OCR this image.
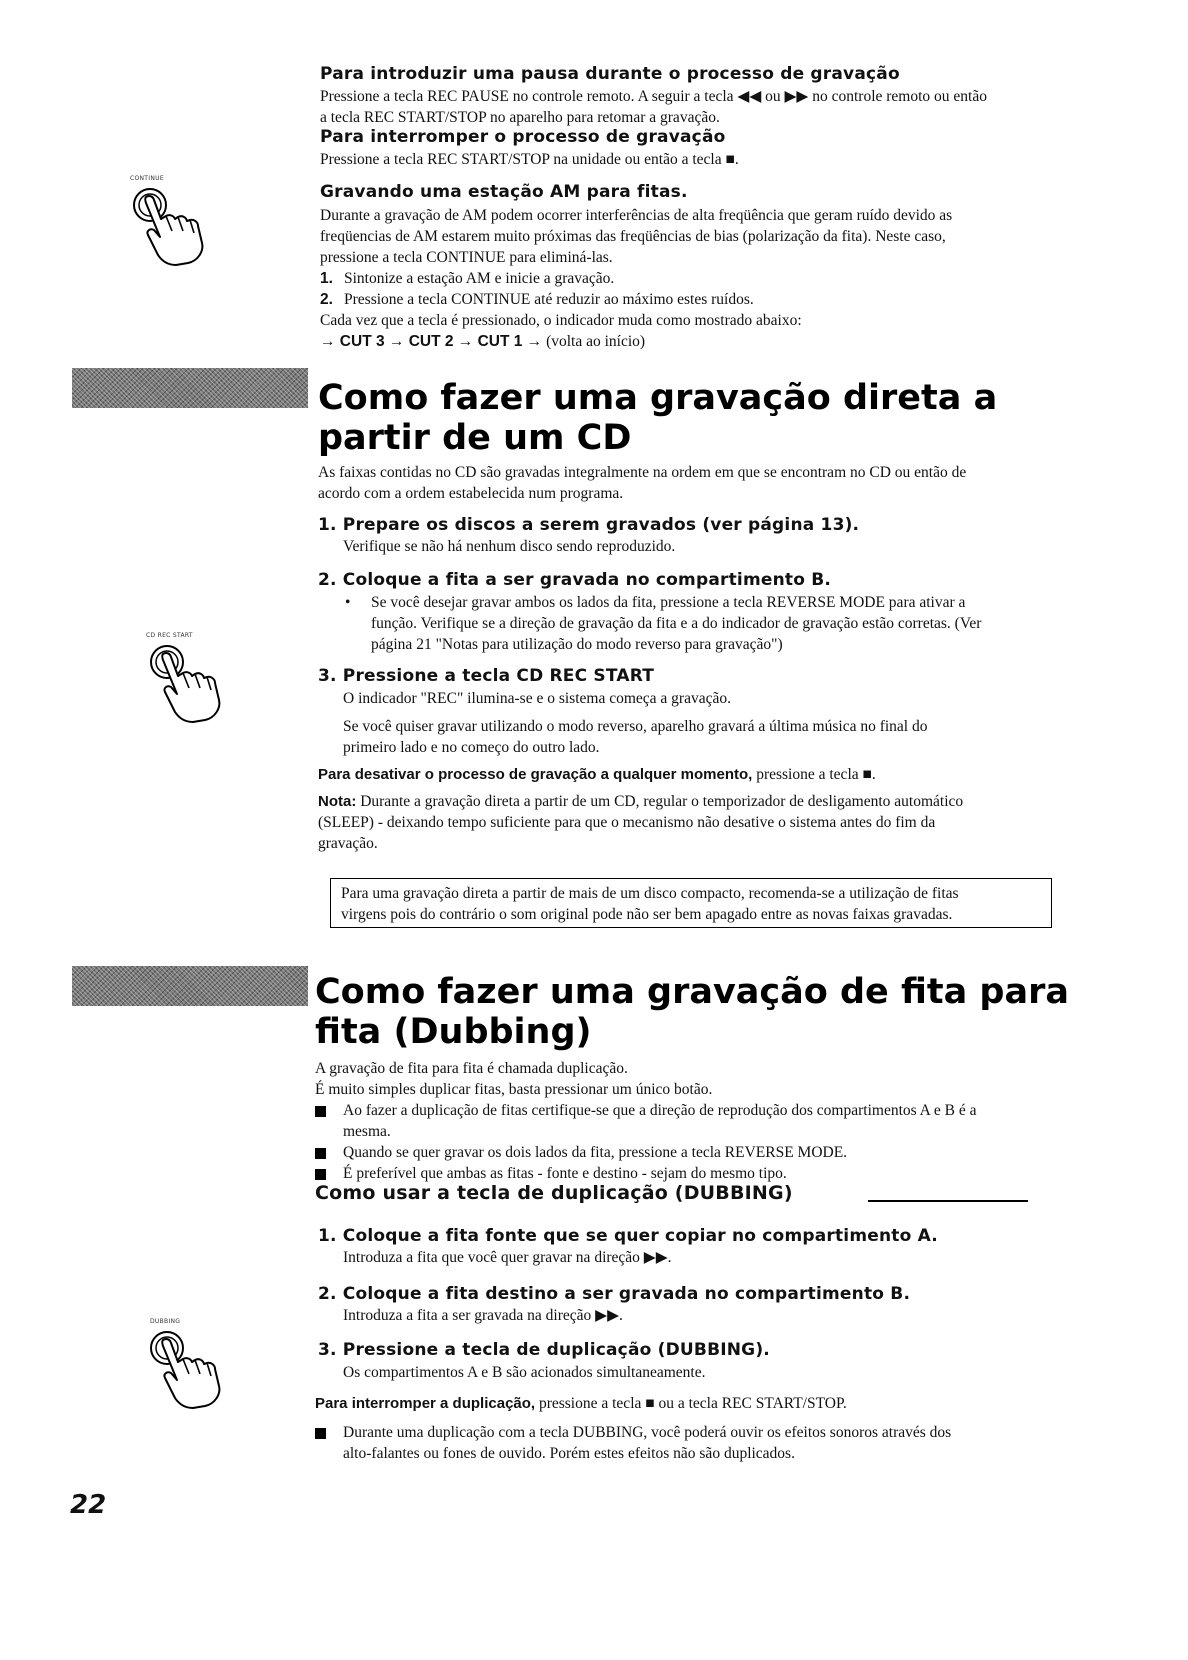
Para introduzir uma pausa durante o processo de gravação

Pressione a tecla REC PAUSE no controle remoto. A seguir a tecla ◀◀ ou ▶▶ no controle remoto ou então

a tecla REC START/STOP no aparelho para retomar a gravação.

Para interromper o processo de gravação
Pressione a tecla REC START/STOP na unidade ou então a tecla ■.
CONTINUE
Gravando uma estação AM para fitas.

Durante a gravação de AM podem ocorrer interferências de alta freqüência que geram ruído devido as

freqüencias de AM estarem muito próximas das freqüências de bias (polarização da fita). Neste caso,

pressione a tecla CONTINUE para eliminá-las.

1. Sintonize a estação AM e inicie a gravação.

2. Pressione a tecla CONTINUE até reduzir ao máximo estes ruídos.

Cada vez que a tecla é pressionado, o indicador muda como mostrado abaixo:

→ CUT 3 → CUT 2 → CUT 1 → (volta ao início)

Como fazer uma gravação direta a
partir de um CD

As faixas contidas no CD são gravadas integralmente na ordem em que se encontram no CD ou então de

acordo com a ordem estabelecida num programa.

1. Prepare os discos a serem gravados (ver página 13).
Verifique se não há nenhum disco sendo reproduzido.
2. Coloque a fita a ser gravada no compartimento B.

• Se você desejar gravar ambos os lados da fita, pressione a tecla REVERSE MODE para ativar a

função. Verifique se a direção de gravação da fita e a do indicador de gravação estão corretas. (Ver

página 21 "Notas para utilização do modo reverso para gravação")

CD REC START
3. Pressione a tecla CD REC START

O indicador "REC" ilumina-se e o sistema começa a gravação.

Se você quiser gravar utilizando o modo reverso, aparelho gravará a última música no final do

primeiro lado e no começo do outro lado.

Para desativar o processo de gravação a qualquer momento, pressione a tecla ■.

Nota: Durante a gravação direta a partir de um CD, regular o temporizador de desligamento automático

(SLEEP) - deixando tempo suficiente para que o mecanismo não desative o sistema antes do fim da

gravação.

Para uma gravação direta a partir de mais de um disco compacto, recomenda-se a utilização de fitas

virgens pois do contrário o som original pode não ser bem apagado entre as novas faixas gravadas.

Como fazer uma gravação de fita para
fita (Dubbing)

A gravação de fita para fita é chamada duplicação.

É muito simples duplicar fitas, basta pressionar um único botão.

Ao fazer a duplicação de fitas certifique-se que a direção de reprodução dos compartimentos A e B é a

mesma.

Quando se quer gravar os dois lados da fita, pressione a tecla REVERSE MODE.

É preferível que ambas as fitas - fonte e destino - sejam do mesmo tipo.

Como usar a tecla de duplicação (DUBBING)
1. Coloque a fita fonte que se quer copiar no compartimento A.
Introduza a fita que você quer gravar na direção ▶▶.
2. Coloque a fita destino a ser gravada no compartimento B.
Introduza a fita a ser gravada na direção ▶▶.
DUBBING
3. Pressione a tecla de duplicação (DUBBING).
Os compartimentos A e B são acionados simultaneamente.

Para interromper a duplicação, pressione a tecla ■ ou a tecla REC START/STOP.

Durante uma duplicação com a tecla DUBBING, você poderá ouvir os efeitos sonoros através dos

alto-falantes ou fones de ouvido. Porém estes efeitos não são duplicados.

22
